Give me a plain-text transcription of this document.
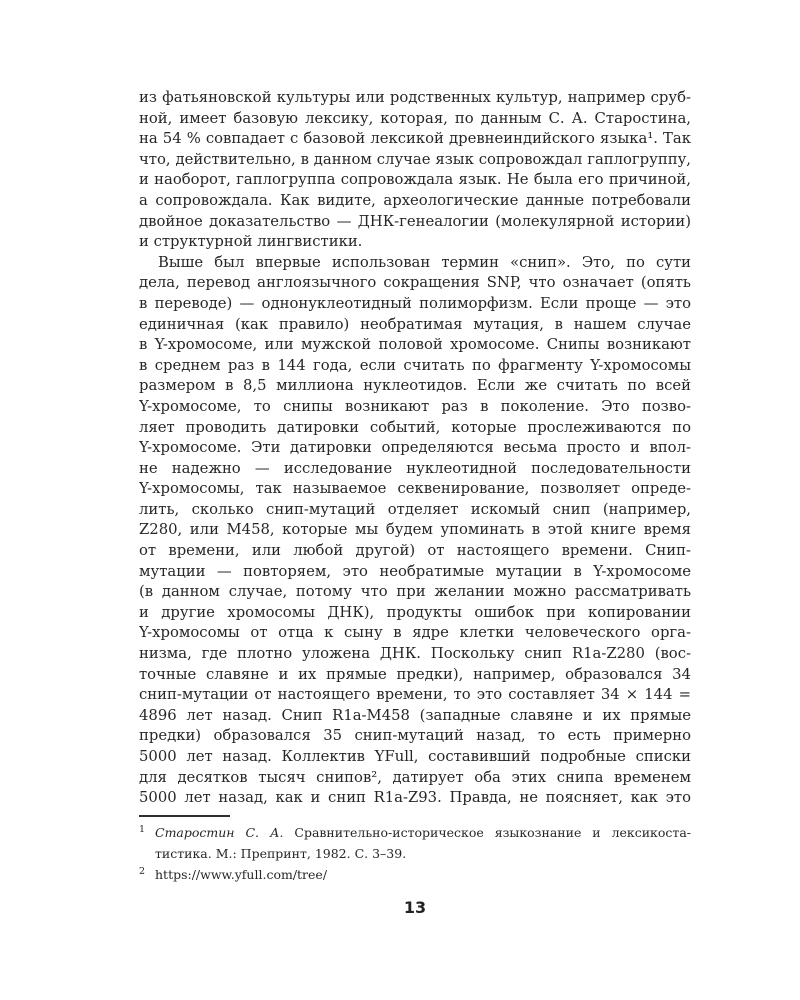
из фатьяновской культуры или родственных культур, например сруб-
ной, имеет базовую лексику, которая, по данным С. А. Старостина,
на 54 % совпадает с базовой лексикой древнеиндийского языка¹. Так
что, действительно, в данном случае язык сопровождал гаплогруппу,
и наоборот, гаплогруппа сопровождала язык. Не была его причиной,
а сопровождала. Как видите, археологические данные потребовали
двойное доказательство — ДНК-генеалогии (молекулярной истории)
и структурной лингвистики.
Выше был впервые использован термин «снип». Это, по сути
дела, перевод англоязычного сокращения SNP, что означает (опять
в переводе) — однонуклеотидный полиморфизм. Если проще — это
единичная (как правило) необратимая мутация, в нашем случае
в Y-хромосоме, или мужской половой хромосоме. Снипы возникают
в среднем раз в 144 года, если считать по фрагменту Y-хромосомы
размером в 8,5 миллиона нуклеотидов. Если же считать по всей
Y-хромосоме, то снипы возникают раз в поколение. Это позво-
ляет проводить датировки событий, которые прослеживаются по
Y-хромосоме. Эти датировки определяются весьма просто и впол-
не надежно — исследование нуклеотидной последовательности
Y-хромосомы, так называемое секвенирование, позволяет опреде-
лить, сколько снип-мутаций отделяет искомый снип (например,
Z280, или M458, которые мы будем упоминать в этой книге время
от времени, или любой другой) от настоящего времени. Снип-
мутации — повторяем, это необратимые мутации в Y-хромосоме
(в данном случае, потому что при желании можно рассматривать
и другие хромосомы ДНК), продукты ошибок при копировании
Y-хромосомы от отца к сыну в ядре клетки человеческого орга-
низма, где плотно уложена ДНК. Поскольку снип R1a-Z280 (вос-
точные славяне и их прямые предки), например, образовался 34
снип-мутации от настоящего времени, то это составляет 34 × 144 =
4896 лет назад. Снип R1a-M458 (западные славяне и их прямые
предки) образовался 35 снип-мутаций назад, то есть примерно
5000 лет назад. Коллектив YFull, составивший подробные списки
для десятков тысяч снипов², датирует оба этих снипа временем
5000 лет назад, как и снип R1a-Z93. Правда, не поясняет, как это
1 Старостин С. А. Сравнительно-историческое языкознание и лексикоста-
тистика. М.: Препринт, 1982. С. 3–39.
2 https://www.yfull.com/tree/
13
